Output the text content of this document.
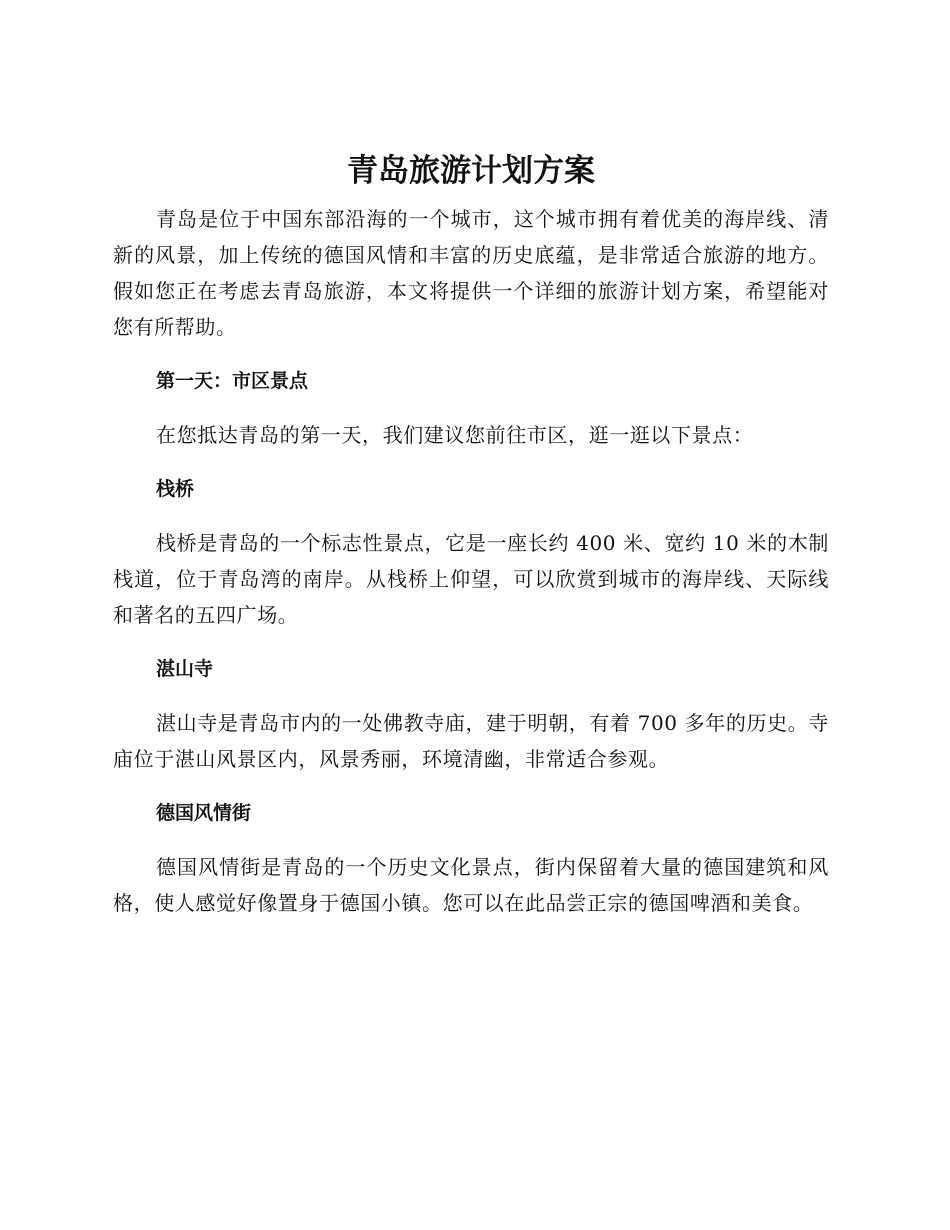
青岛旅游计划方案

青岛是位于中国东部沿海的一个城市，这个城市拥有着优美的海岸线、清新的风景，加上传统的德国风情和丰富的历史底蕴，是非常适合旅游的地方。假如您正在考虑去青岛旅游，本文将提供一个详细的旅游计划方案，希望能对您有所帮助。

第一天：市区景点

在您抵达青岛的第一天，我们建议您前往市区，逛一逛以下景点：

栈桥

栈桥是青岛的一个标志性景点，它是一座长约 400 米、宽约 10 米的木制栈道，位于青岛湾的南岸。从栈桥上仰望，可以欣赏到城市的海岸线、天际线和著名的五四广场。

湛山寺

湛山寺是青岛市内的一处佛教寺庙，建于明朝，有着 700 多年的历史。寺庙位于湛山风景区内，风景秀丽，环境清幽，非常适合参观。

德国风情街

德国风情街是青岛的一个历史文化景点，街内保留着大量的德国建筑和风格，使人感觉好像置身于德国小镇。您可以在此品尝正宗的德国啤酒和美食。
